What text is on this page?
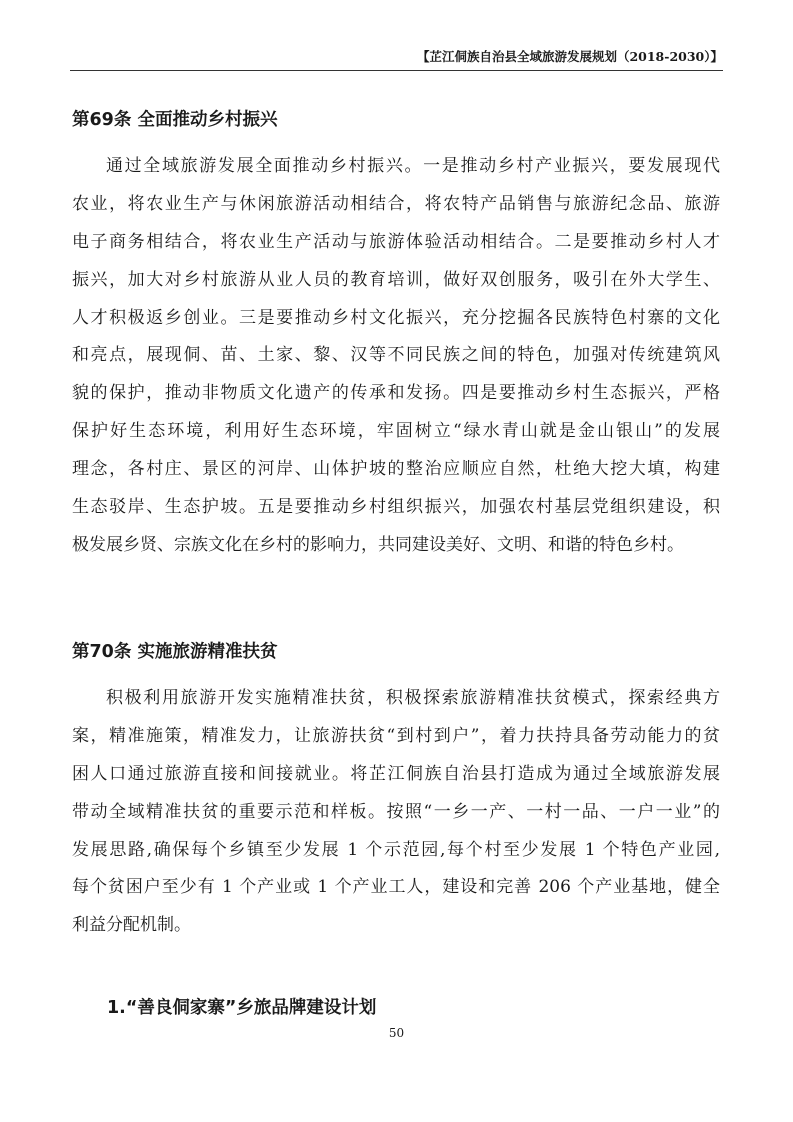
【芷江侗族自治县全域旅游发展规划（2018-2030）】
第69条 全面推动乡村振兴
通过全域旅游发展全面推动乡村振兴。一是推动乡村产业振兴，要发展现代
农业，将农业生产与休闲旅游活动相结合，将农特产品销售与旅游纪念品、旅游
电子商务相结合，将农业生产活动与旅游体验活动相结合。二是要推动乡村人才
振兴，加大对乡村旅游从业人员的教育培训，做好双创服务，吸引在外大学生、
人才积极返乡创业。三是要推动乡村文化振兴，充分挖掘各民族特色村寨的文化
和亮点，展现侗、苗、土家、黎、汉等不同民族之间的特色，加强对传统建筑风
貌的保护，推动非物质文化遗产的传承和发扬。四是要推动乡村生态振兴，严格
保护好生态环境，利用好生态环境，牢固树立“绿水青山就是金山银山”的发展
理念，各村庄、景区的河岸、山体护坡的整治应顺应自然，杜绝大挖大填，构建
生态驳岸、生态护坡。五是要推动乡村组织振兴，加强农村基层党组织建设，积
极发展乡贤、宗族文化在乡村的影响力，共同建设美好、文明、和谐的特色乡村。
第70条 实施旅游精准扶贫
积极利用旅游开发实施精准扶贫，积极探索旅游精准扶贫模式，探索经典方
案，精准施策，精准发力，让旅游扶贫“到村到户”，着力扶持具备劳动能力的贫
困人口通过旅游直接和间接就业。将芷江侗族自治县打造成为通过全域旅游发展
带动全域精准扶贫的重要示范和样板。按照“一乡一产、一村一品、一户一业”的
发展思路,确保每个乡镇至少发展 1 个示范园,每个村至少发展 1 个特色产业园,
每个贫困户至少有 1 个产业或 1 个产业工人，建设和完善 206 个产业基地，健全
利益分配机制。
1.“善良侗家寨”乡旅品牌建设计划
50
